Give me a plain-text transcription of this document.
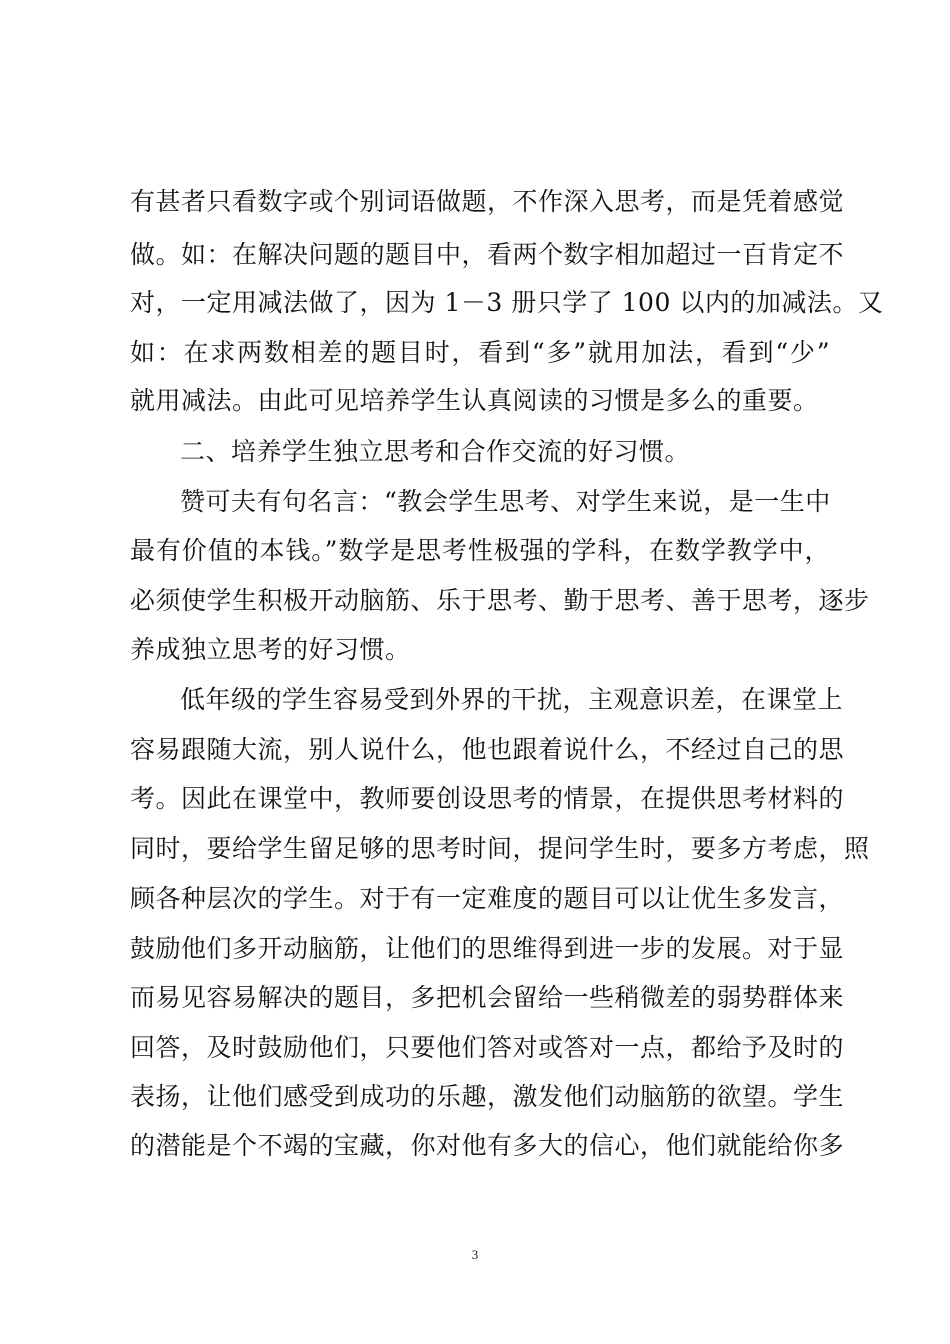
有甚者只看数字或个别词语做题，不作深入思考，而是凭着感觉
做。如：在解决问题的题目中，看两个数字相加超过一百肯定不
对，一定用减法做了，因为 1－3 册只学了 100 以内的加减法。又
如：在求两数相差的题目时，看到“多”就用加法，看到“少”
就用减法。由此可见培养学生认真阅读的习惯是多么的重要。
二、培养学生独立思考和合作交流的好习惯。
赞可夫有句名言：“教会学生思考、对学生来说，是一生中
最有价值的本钱。”数学是思考性极强的学科，在数学教学中，
必须使学生积极开动脑筋、乐于思考、勤于思考、善于思考，逐步
养成独立思考的好习惯。
低年级的学生容易受到外界的干扰，主观意识差，在课堂上
容易跟随大流，别人说什么，他也跟着说什么，不经过自己的思
考。因此在课堂中，教师要创设思考的情景，在提供思考材料的
同时，要给学生留足够的思考时间，提问学生时，要多方考虑，照
顾各种层次的学生。对于有一定难度的题目可以让优生多发言，
鼓励他们多开动脑筋，让他们的思维得到进一步的发展。对于显
而易见容易解决的题目，多把机会留给一些稍微差的弱势群体来
回答，及时鼓励他们，只要他们答对或答对一点，都给予及时的
表扬，让他们感受到成功的乐趣，激发他们动脑筋的欲望。学生
的潜能是个不竭的宝藏，你对他有多大的信心，他们就能给你多
3
